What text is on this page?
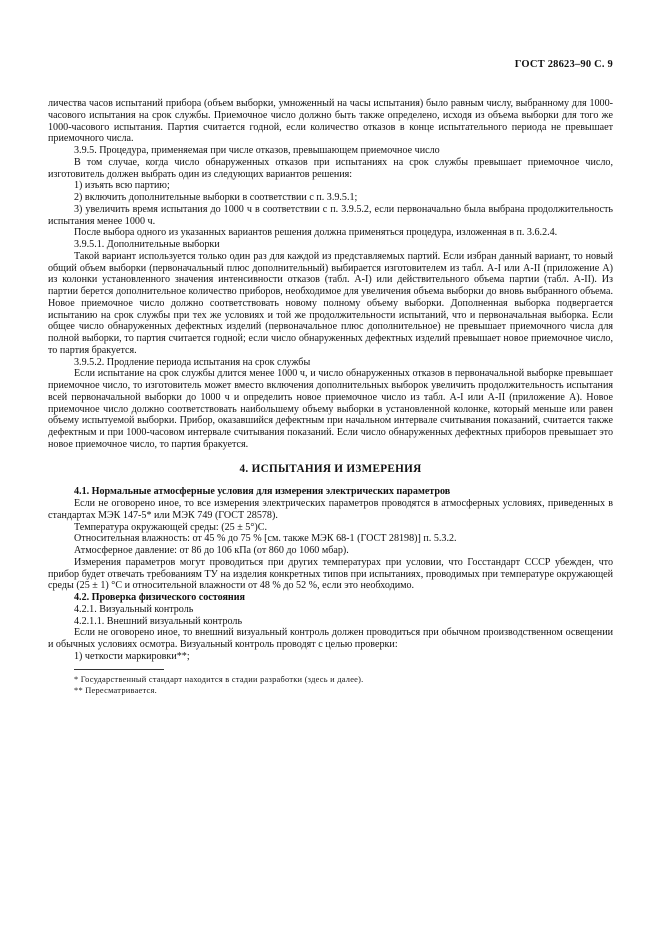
ГОСТ 28623–90 С. 9

личества часов испытаний прибора (объем выборки, умноженный на часы испытания) было равным числу, выбранному для 1000-часового испытания на срок службы. Приемочное число должно быть также определено, исходя из объема выборки для того же 1000-часового испытания. Партия считается годной, если количество отказов в конце испытательного периода не превышает приемочного числа.

3.9.5. Процедура, применяемая при числе отказов, превышающем приемочное число

В том случае, когда число обнаруженных отказов при испытаниях на срок службы превышает приемочное число, изготовитель должен выбрать один из следующих вариантов решения:

1) изъять всю партию;

2) включить дополнительные выборки в соответствии с п. 3.9.5.1;

3) увеличить время испытания до 1000 ч в соответствии с п. 3.9.5.2, если первоначально была выбрана продолжительность испытания менее 1000 ч.

После выбора одного из указанных вариантов решения должна применяться процедура, изложенная в п. 3.6.2.4.

3.9.5.1. Дополнительные выборки

Такой вариант используется только один раз для каждой из представляемых партий. Если избран данный вариант, то новый общий объем выборки (первоначальный плюс дополнительный) выбирается изготовителем из табл. А-I или А-II (приложение А) из колонки установленного значения интенсивности отказов (табл. А-I) или действительного объема партии (табл. А-II). Из партии берется дополнительное количество приборов, необходимое для увеличения объема выборки до вновь выбранного объема. Новое приемочное число должно соответствовать новому полному объему выборки. Дополненная выборка подвергается испытанию на срок службы при тех же условиях и той же продолжительности испытаний, что и первоначальная выборка. Если общее число обнаруженных дефектных изделий (первоначальное плюс дополнительное) не превышает приемочного числа для полной выборки, то партия считается годной; если число обнаруженных дефектных изделий превышает новое приемочное число, то партия бракуется.

3.9.5.2. Продление периода испытания на срок службы

Если испытание на срок службы длится менее 1000 ч, и число обнаруженных отказов в первоначальной выборке превышает приемочное число, то изготовитель может вместо включения дополнительных выборок увеличить продолжительность испытания всей первоначальной выборки до 1000 ч и определить новое приемочное число из табл. А-I или А-II (приложение А). Новое приемочное число должно соответствовать наибольшему объему выборки в установленной колонке, который меньше или равен объему испытуемой выборки. Прибор, оказавшийся дефектным при начальном интервале считывания показаний, считается также дефектным и при 1000-часовом интервале считывания показаний. Если число обнаруженных дефектных приборов превышает это новое приемочное число, то партия бракуется.

4. ИСПЫТАНИЯ И ИЗМЕРЕНИЯ

4.1. Нормальные атмосферные условия для измерения электрических параметров

Если не оговорено иное, то все измерения электрических параметров проводятся в атмосферных условиях, приведенных в стандартах МЭК 147-5* или МЭК 749 (ГОСТ 28578).

Температура окружающей среды: (25 ± 5°)С.

Относительная влажность: от 45 % до 75 % [см. также МЭК 68-1 (ГОСТ 28198)] п. 5.3.2.

Атмосферное давление: от 86 до 106 кПа (от 860 до 1060 мбар).

Измерения параметров могут проводиться при других температурах при условии, что Госстандарт СССР убежден, что прибор будет отвечать требованиям ТУ на изделия конкретных типов при испытаниях, проводимых при температуре окружающей среды (25 ± 1) °С и относительной влажности от 48 % до 52 %, если это необходимо.

4.2. Проверка физического состояния

4.2.1. Визуальный контроль

4.2.1.1. Внешний визуальный контроль

Если не оговорено иное, то внешний визуальный контроль должен проводиться при обычном производственном освещении и обычных условиях осмотра. Визуальный контроль проводят с целью проверки:

1) четкости маркировки**;

* Государственный стандарт находится в стадии разработки (здесь и далее).

** Пересматривается.
